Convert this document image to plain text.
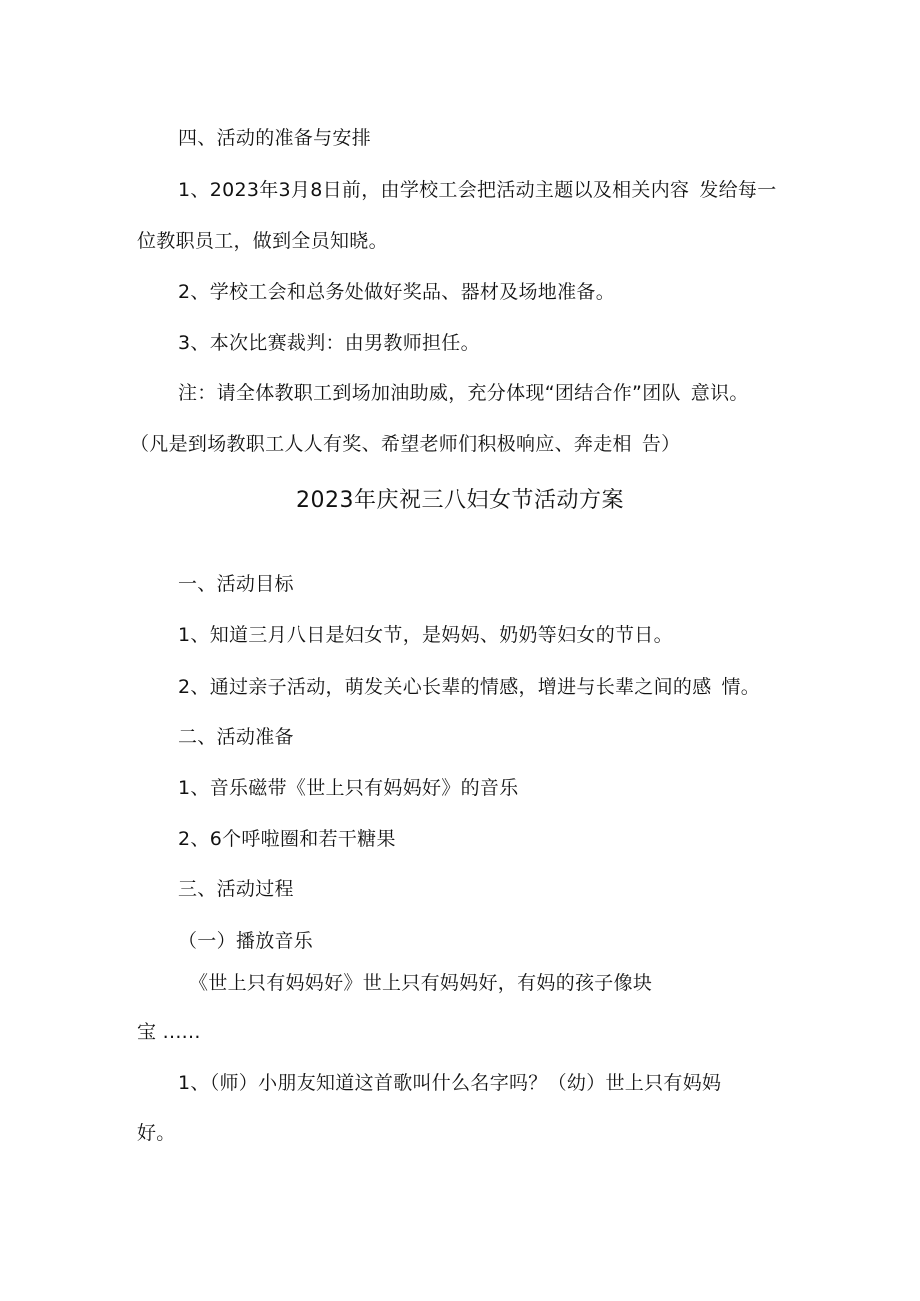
四、活动的准备与安排
1、2023年3月8日前，由学校工会把活动主题以及相关内容 发给每一
位教职员工，做到全员知晓。
2、学校工会和总务处做好奖品、器材及场地准备。
3、本次比赛裁判：由男教师担任。
注：请全体教职工到场加油助威，充分体现“团结合作”团队 意识。
（凡是到场教职工人人有奖、希望老师们积极响应、奔走相 告）
2023年庆祝三八妇女节活动方案
一、活动目标
1、知道三月八日是妇女节，是妈妈、奶奶等妇女的节日。
2、通过亲子活动，萌发关心长辈的情感，增进与长辈之间的感 情。
二、活动准备
1、音乐磁带《世上只有妈妈好》的音乐
2、6个呼啦圈和若干糖果
三、活动过程
（一）播放音乐
《世上只有妈妈好》世上只有妈妈好，有妈的孩子像块
宝 ......
1、（师）小朋友知道这首歌叫什么名字吗？（幼）世上只有妈妈
好。
